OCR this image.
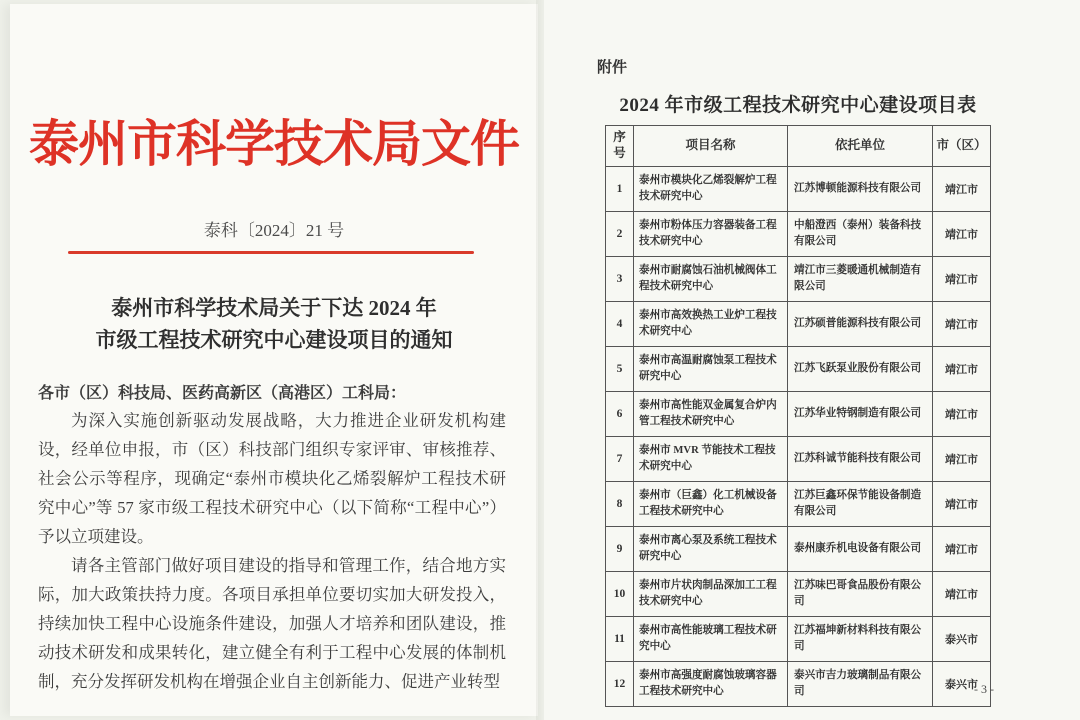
泰州市科学技术局文件
泰科〔2024〕21 号
泰州市科学技术局关于下达 2024 年
市级工程技术研究中心建设项目的通知
各市（区）科技局、医药高新区（高港区）工科局：

为深入实施创新驱动发展战略，大力推进企业研发机构建设，经单位申报，市（区）科技部门组织专家评审、审核推荐、社会公示等程序，现确定“泰州市模块化乙烯裂解炉工程技术研究中心”等 57 家市级工程技术研究中心（以下简称“工程中心”）予以立项建设。

请各主管部门做好项目建设的指导和管理工作，结合地方实际，加大政策扶持力度。各项目承担单位要切实加大研发投入，持续加快工程中心设施条件建设，加强人才培养和团队建设，推动技术研发和成果转化，建立健全有利于工程中心发展的体制机制，充分发挥研发机构在增强企业自主创新能力、促进产业转型

附件
2024 年市级工程技术研究中心建设项目表
序号	项目名称	依托单位	市（区）
1	泰州市模块化乙烯裂解炉工程技术研究中心	江苏博顿能源科技有限公司	靖江市
2	泰州市粉体压力容器装备工程技术研究中心	中船澄西（泰州）装备科技有限公司	靖江市
3	泰州市耐腐蚀石油机械阀体工程技术研究中心	靖江市三菱暖通机械制造有限公司	靖江市
4	泰州市高效换热工业炉工程技术研究中心	江苏硕普能源科技有限公司	靖江市
5	泰州市高温耐腐蚀泵工程技术研究中心	江苏飞跃泵业股份有限公司	靖江市
6	泰州市高性能双金属复合炉内管工程技术研究中心	江苏华业特钢制造有限公司	靖江市
7	泰州市 MVR 节能技术工程技术研究中心	江苏科诚节能科技有限公司	靖江市
8	泰州市（巨鑫）化工机械设备工程技术研究中心	江苏巨鑫环保节能设备制造有限公司	靖江市
9	泰州市离心泵及系统工程技术研究中心	泰州康乔机电设备有限公司	靖江市
10	泰州市片状肉制品深加工工程技术研究中心	江苏味巴哥食品股份有限公司	靖江市
11	泰州市高性能玻璃工程技术研究中心	江苏福坤新材料科技有限公司	泰兴市
12	泰州市高强度耐腐蚀玻璃容器工程技术研究中心	泰兴市吉力玻璃制品有限公司	泰兴市
- 3 -
